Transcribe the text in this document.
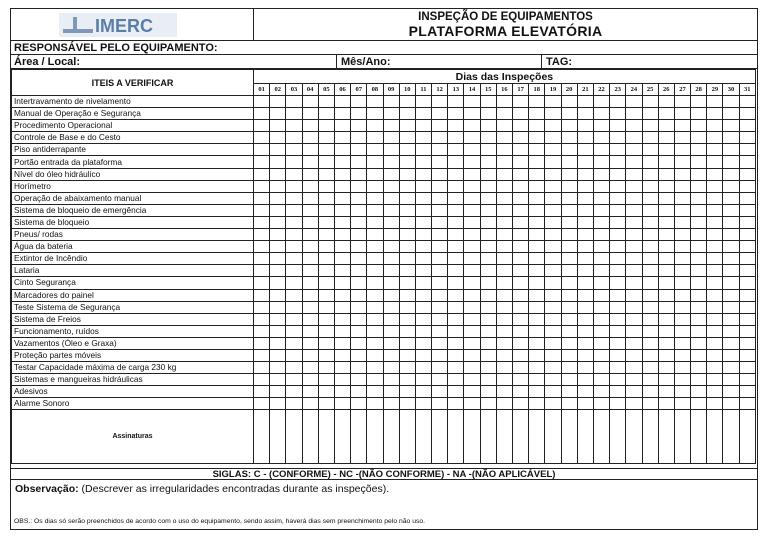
IMERC	INSPEÇÃO DE EQUIPAMENTOS
PLATAFORMA ELEVATÓRIA
RESPONSÁVEL PELO EQUIPAMENTO:
Área / Local:	Mês/Ano:	TAG:
ITEIS A VERIFICAR	Dias das Inspeções																														
	01	02	03	04	05	06	07	08	09	10	11	12	13	14	15	16	17	18	19	20	21	22	23	24	25	26	27	28	29	30	31
Intertravamento de nivelamento																															
Manual de Operação e Segurança																															
Procedimento Operacional																															
Controle de Base e do Cesto																															
Piso antiderrapante																															
Portão entrada da plataforma																															
Nível do óleo hidráulico																															
Horímetro																															
Operação de abaixamento manual																															
Sistema de bloqueio de emergência																															
Sistema de bloqueio																															
Pneus/ rodas																															
Água da bateria																															
Extintor de Incêndio																															
Lataria																															
Cinto Segurança																															
Marcadores do painel																															
Teste Sistema de Segurança																															
Sistema de Freios																															
Funcionamento, ruídos																															
Vazamentos (Óleo e Graxa)																															
Proteção partes móveis																															
Testar Capacidade máxima de carga 230 kg																															
Sistemas e mangueiras hidráulicas																															
Adesivos																															
Alarme Sonoro																															
Assinaturas																															
SIGLAS: C - (CONFORME) - NC -(NÃO CONFORME) - NA -(NÃO APLICÁVEL)
Observação: (Descrever as irregularidades encontradas durante as inspeções).
OBS.: Os dias só serão preenchidos de acordo com o uso do equipamento, sendo assim, haverá dias sem preenchimento pelo não uso.
